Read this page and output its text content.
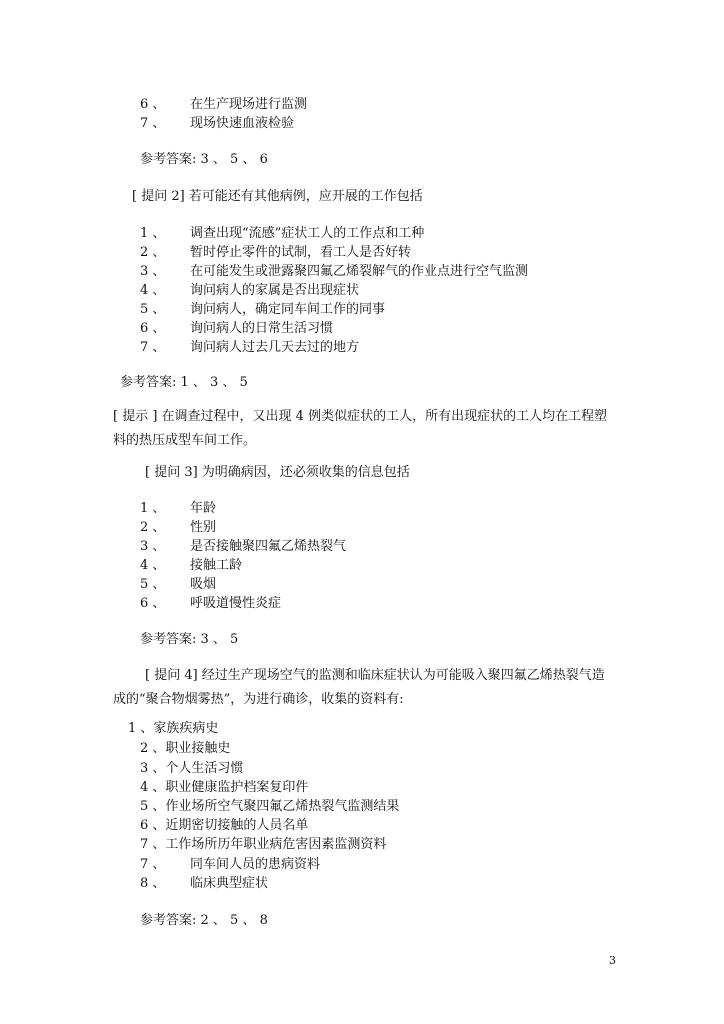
6 、 在生产现场进行监测
7 、 现场快速血液检验
参考答案: 3 、 5 、 6
[ 提问 2] 若可能还有其他病例，应开展的工作包括
1 、 调查出现“流感”症状工人的工作点和工种
2 、 暂时停止零件的试制，看工人是否好转
3 、 在可能发生或泄露聚四氟乙烯裂解气的作业点进行空气监测
4 、 询问病人的家属是否出现症状
5 、 询问病人，确定同车间工作的同事
6 、 询问病人的日常生活习惯
7 、 询问病人过去几天去过的地方
参考答案: 1 、 3 、 5
[ 提示 ] 在调查过程中，又出现 4 例类似症状的工人，所有出现症状的工人均在工程塑料的热压成型车间工作。
[ 提问 3] 为明确病因，还必须收集的信息包括
1 、 年龄
2 、 性别
3 、 是否接触聚四氟乙烯热裂气
4 、 接触工龄
5 、 吸烟
6 、 呼吸道慢性炎症
参考答案: 3 、 5
[ 提问 4] 经过生产现场空气的监测和临床症状认为可能吸入聚四氟乙烯热裂气造成的“聚合物烟雾热”，为进行确诊，收集的资料有:
1 、家族疾病史
2 、职业接触史
3 、个人生活习惯
4 、职业健康监护档案复印件
5 、作业场所空气聚四氟乙烯热裂气监测结果
6 、近期密切接触的人员名单
7 、工作场所历年职业病危害因素监测资料
7 、 同车间人员的患病资料
8 、 临床典型症状
参考答案: 2 、 5 、 8
3
